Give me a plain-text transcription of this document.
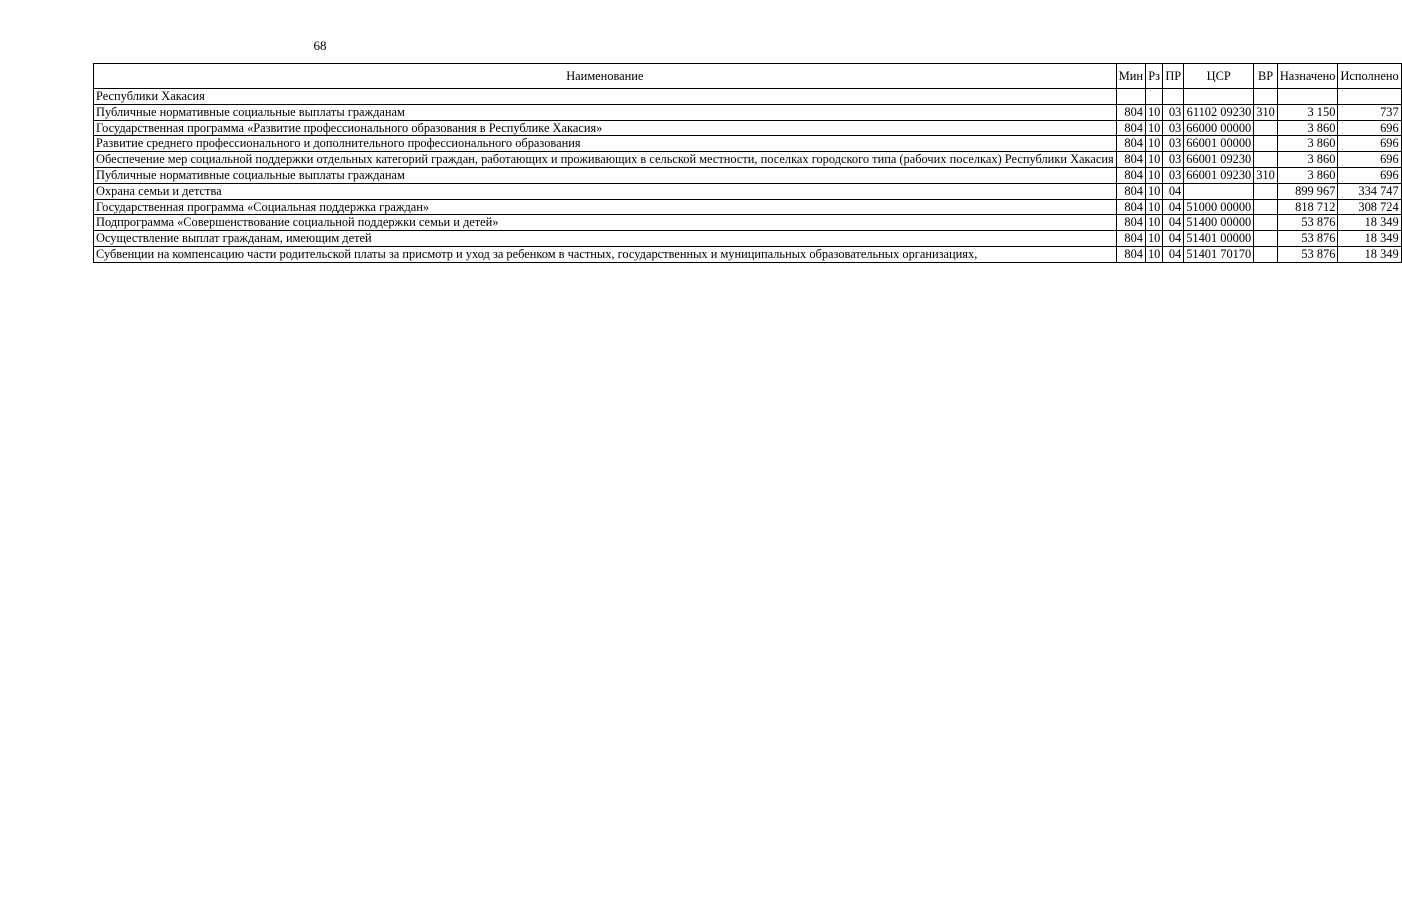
68
Наименование	Мин	Рз	ПР	ЦСР	ВР	Назначено	Исполнено
Республики Хакасия							
Публичные нормативные социальные выплаты гражданам	804	10	03	61102 09230	310	3 150	737
Государственная программа «Развитие профессионального образования в Республике Хакасия»	804	10	03	66000 00000		3 860	696
Развитие среднего профессионального и дополнительного профессионального образования	804	10	03	66001 00000		3 860	696
Обеспечение мер социальной поддержки отдельных категорий граждан, работающих и проживающих в сельской местности, поселках городского типа (рабочих поселках) Республики Хакасия	804	10	03	66001 09230		3 860	696
Публичные нормативные социальные выплаты гражданам	804	10	03	66001 09230	310	3 860	696
Охрана семьи и детства	804	10	04			899 967	334 747
Государственная программа «Социальная поддержка граждан»	804	10	04	51000 00000		818 712	308 724
Подпрограмма «Совершенствование социальной поддержки семьи и детей»	804	10	04	51400 00000		53 876	18 349
Осуществление выплат гражданам, имеющим детей	804	10	04	51401 00000		53 876	18 349
Субвенции на компенсацию части родительской платы за присмотр и уход за ребенком в частных, государственных и муниципальных образовательных организациях,	804	10	04	51401 70170		53 876	18 349
